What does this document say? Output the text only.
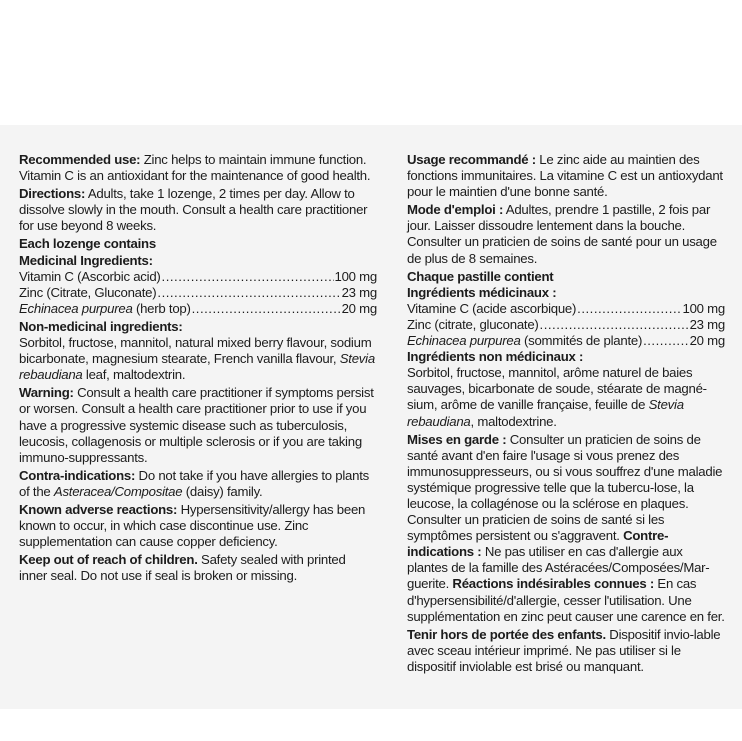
Recommended use: Zinc helps to maintain immune function. Vitamin C is an antioxidant for the maintenance of good health.

Directions: Adults, take 1 lozenge, 2 times per day. Allow to dissolve slowly in the mouth. Consult a health care practitioner for use beyond 8 weeks.

Each lozenge contains

Medicinal Ingredients:

Vitamin C (Ascorbic acid) .....	100 mg
Zinc (Citrate, Gluconate) .....	23 mg
Echinacea purpurea (herb top) .....	20 mg

Non-medicinal ingredients:

Sorbitol, fructose, mannitol, natural mixed berry flavour, sodium bicarbonate, magnesium stearate, French vanilla flavour, Stevia rebaudiana leaf, maltodextrin.

Warning: Consult a health care practitioner if symptoms persist or worsen. Consult a health care practitioner prior to use if you have a progressive systemic disease such as tuberculosis, leucosis, collagenosis or multiple sclerosis or if you are taking immuno-suppressants.

Contra-indications: Do not take if you have allergies to plants of the Asteracea/Compositae (daisy) family.

Known adverse reactions: Hypersensitivity/allergy has been known to occur, in which case discontinue use. Zinc supplementation can cause copper deficiency.

Keep out of reach of children. Safety sealed with printed inner seal. Do not use if seal is broken or missing.

Usage recommandé : Le zinc aide au maintien des fonctions immunitaires. La vitamine C est un antioxydant pour le maintien d'une bonne santé.

Mode d'emploi : Adultes, prendre 1 pastille, 2 fois par jour. Laisser dissoudre lentement dans la bouche. Consulter un praticien de soins de santé pour un usage de plus de 8 semaines.

Chaque pastille contient

Ingrédients médicinaux :

Vitamine C (acide ascorbique) .....	100 mg
Zinc (citrate, gluconate) .....	23 mg
Echinacea purpurea (sommités de plante) .....	20 mg

Ingrédients non médicinaux :

Sorbitol, fructose, mannitol, arôme naturel de baies sauvages, bicarbonate de soude, stéarate de magné-sium, arôme de vanille française, feuille de Stevia rebaudiana, maltodextrine.

Mises en garde : Consulter un praticien de soins de santé avant d'en faire l'usage si vous prenez des immunosuppresseurs, ou si vous souffrez d'une maladie systémique progressive telle que la tubercu-lose, la leucose, la collagénose ou la sclérose en plaques. Consulter un praticien de soins de santé si les symptômes persistent ou s'aggravent. Contre-indications : Ne pas utiliser en cas d'allergie aux plantes de la famille des Astéracées/Composées/Mar-guerite. Réactions indésirables connues : En cas d'hypersensibilité/d'allergie, cesser l'utilisation. Une supplémentation en zinc peut causer une carence en fer.

Tenir hors de portée des enfants. Dispositif invio-lable avec sceau intérieur imprimé. Ne pas utiliser si le dispositif inviolable est brisé ou manquant.
